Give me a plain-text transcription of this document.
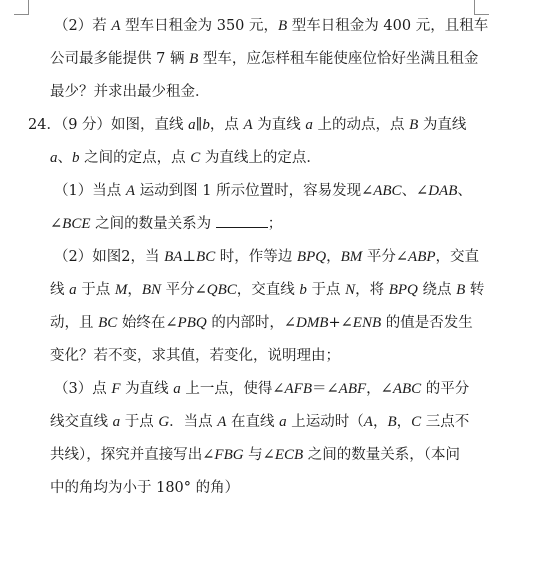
（2）若 A 型车日租金为 350 元，B 型车日租金为 400 元，且租车
公司最多能提供 7 辆 B 型车，应怎样租车能使座位恰好坐满且租金
最少？并求出最少租金．
24．（9 分）如图，直线 a∥b，点 A 为直线 a 上的动点，点 B 为直线
a、b 之间的定点，点 C 为直线上的定点．
（1）当点 A 运动到图 1 所示位置时，容易发现∠ABC、∠DAB、
∠BCE 之间的数量关系为	；
（2）如图2，当 BA⊥BC 时，作等边 BPQ，BM 平分∠ABP，交直
线 a 于点 M，BN 平分∠QBC，交直线 b 于点 N，将 BPQ 绕点 B 转
动，且 BC 始终在∠PBQ 的内部时，∠DMB+∠ENB 的值是否发生
变化？若不变，求其值，若变化，说明理由；
（3）点 F 为直线 a 上一点，使得∠AFB＝∠ABF，∠ABC 的平分
线交直线 a 于点 G．当点 A 在直线 a 上运动时（A，B，C 三点不
共线），探究并直接写出∠FBG 与∠ECB 之间的数量关系，（本问
中的角均为小于 180° 的角）
